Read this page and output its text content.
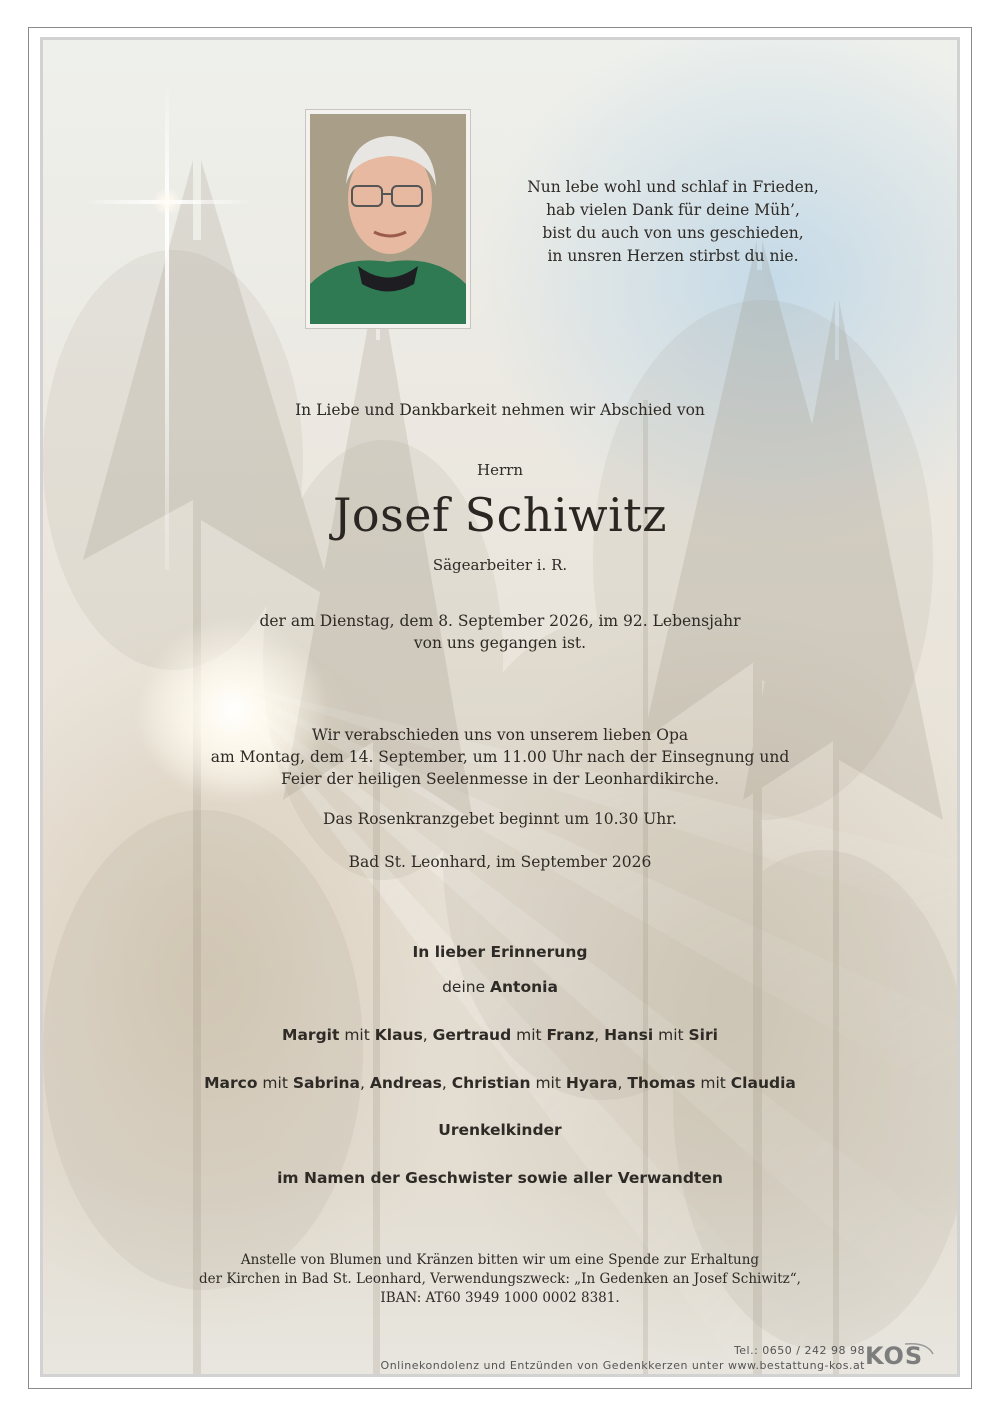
Nun lebe wohl und schlaf in Frieden,
hab vielen Dank für deine Müh’,
bist du auch von uns geschieden,
in unsren Herzen stirbst du nie.
In Liebe und Dankbarkeit nehmen wir Abschied von
Herrn
Josef Schiwitz
Sägearbeiter i. R.
der am Dienstag, dem 8. September 2026, im 92. Lebensjahr
von uns gegangen ist.
Wir verabschieden uns von unserem lieben Opa
am Montag, dem 14. September, um 11.00 Uhr nach der Einsegnung und
Feier der heiligen Seelenmesse in der Leonhardikirche.
Das Rosenkranzgebet beginnt um 10.30 Uhr.
Bad St. Leonhard, im September 2026
In lieber Erinnerung
deine Antonia
Margit mit Klaus, Gertraud mit Franz, Hansi mit Siri
Marco mit Sabrina, Andreas, Christian mit Hyara, Thomas mit Claudia
Urenkelkinder
im Namen der Geschwister sowie aller Verwandten
Anstelle von Blumen und Kränzen bitten wir um eine Spende zur Erhaltung
der Kirchen in Bad St. Leonhard, Verwendungszweck: „In Gedenken an Josef Schiwitz“,
IBAN: AT60 3949 1000 0002 8381.
Tel.: 0650 / 242 98 98
Onlinekondolenz und Entzünden von Gedenkkerzen unter www.bestattung-kos.at KOS
